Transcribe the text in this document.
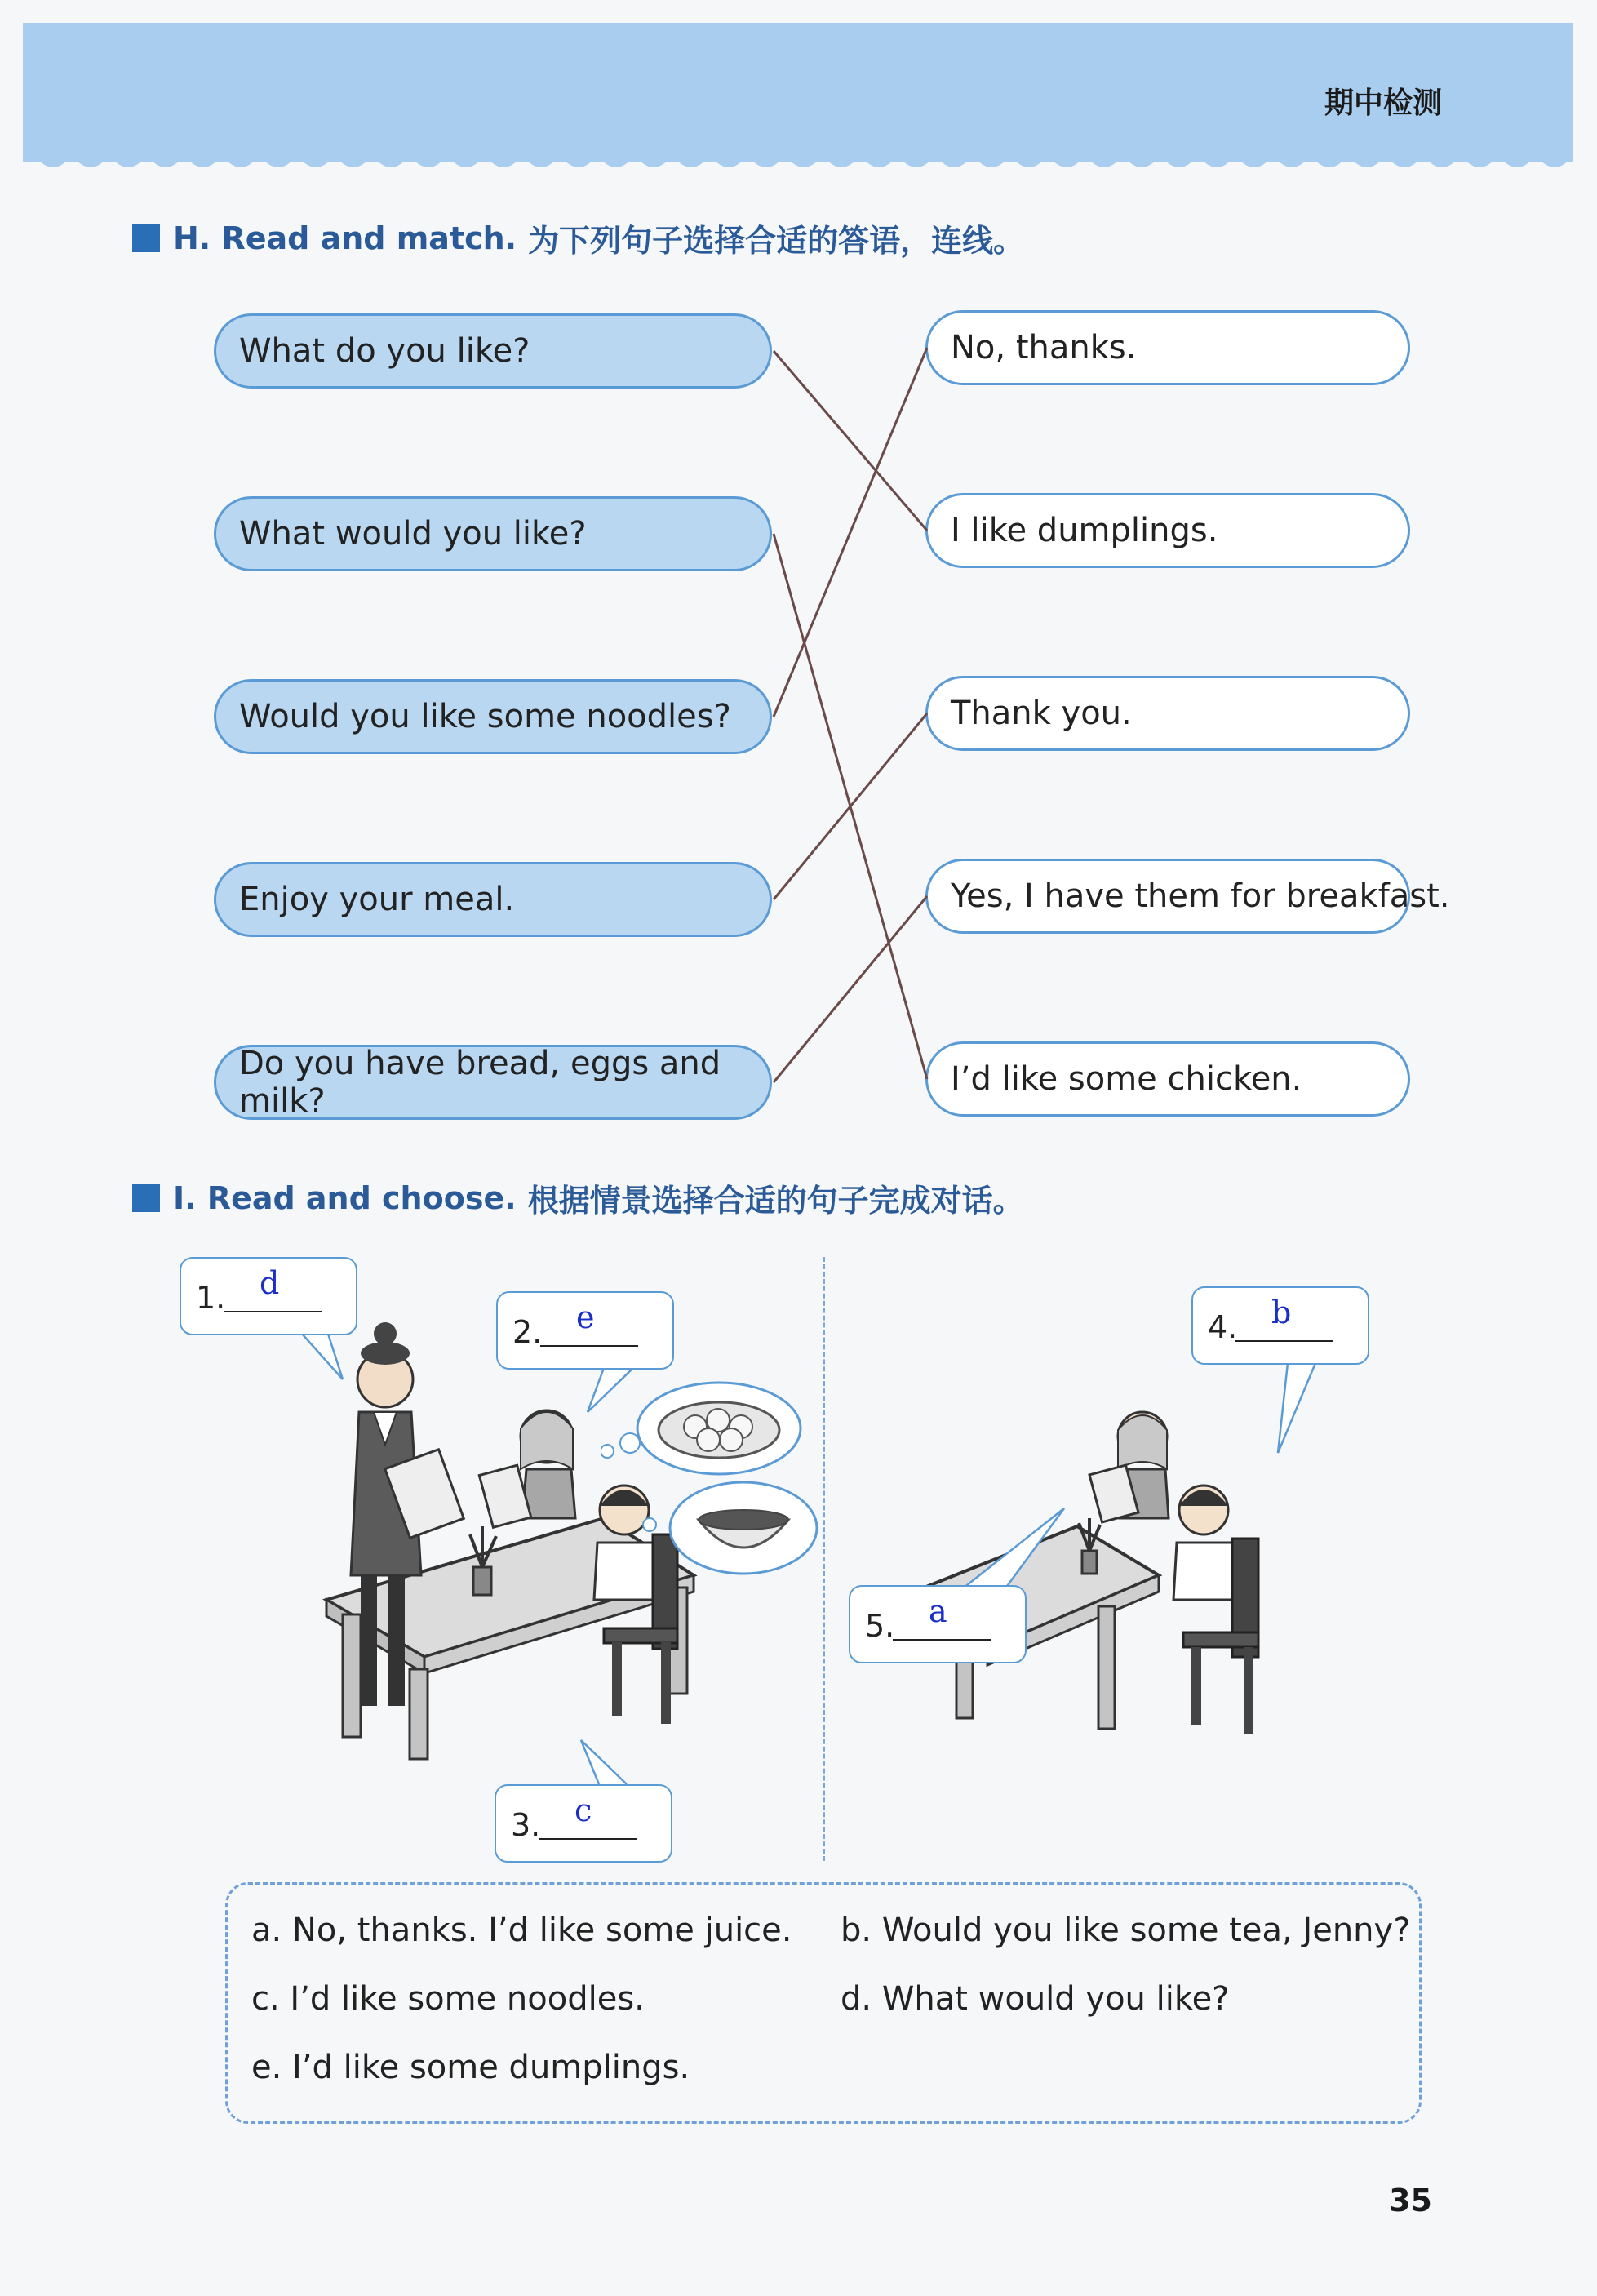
期中检测
H. Read and match. 为下列句子选择合适的答语，连线。
What do you like?
What would you like?
Would you like some noodles?
Enjoy your meal.
Do you have bread, eggs and milk?
No, thanks.
I like dumplings.
Thank you.
Yes, I have them for breakfast.
I’d like some chicken.
I. Read and choose. 根据情景选择合适的句子完成对话。
1. d
2. e
3. c
4. b
5. a
a. No, thanks. I’d like some juice. b. Would you like some tea, Jenny?
c. I’d like some noodles.	d. What would you like?
e. I’d like some dumplings.
35
